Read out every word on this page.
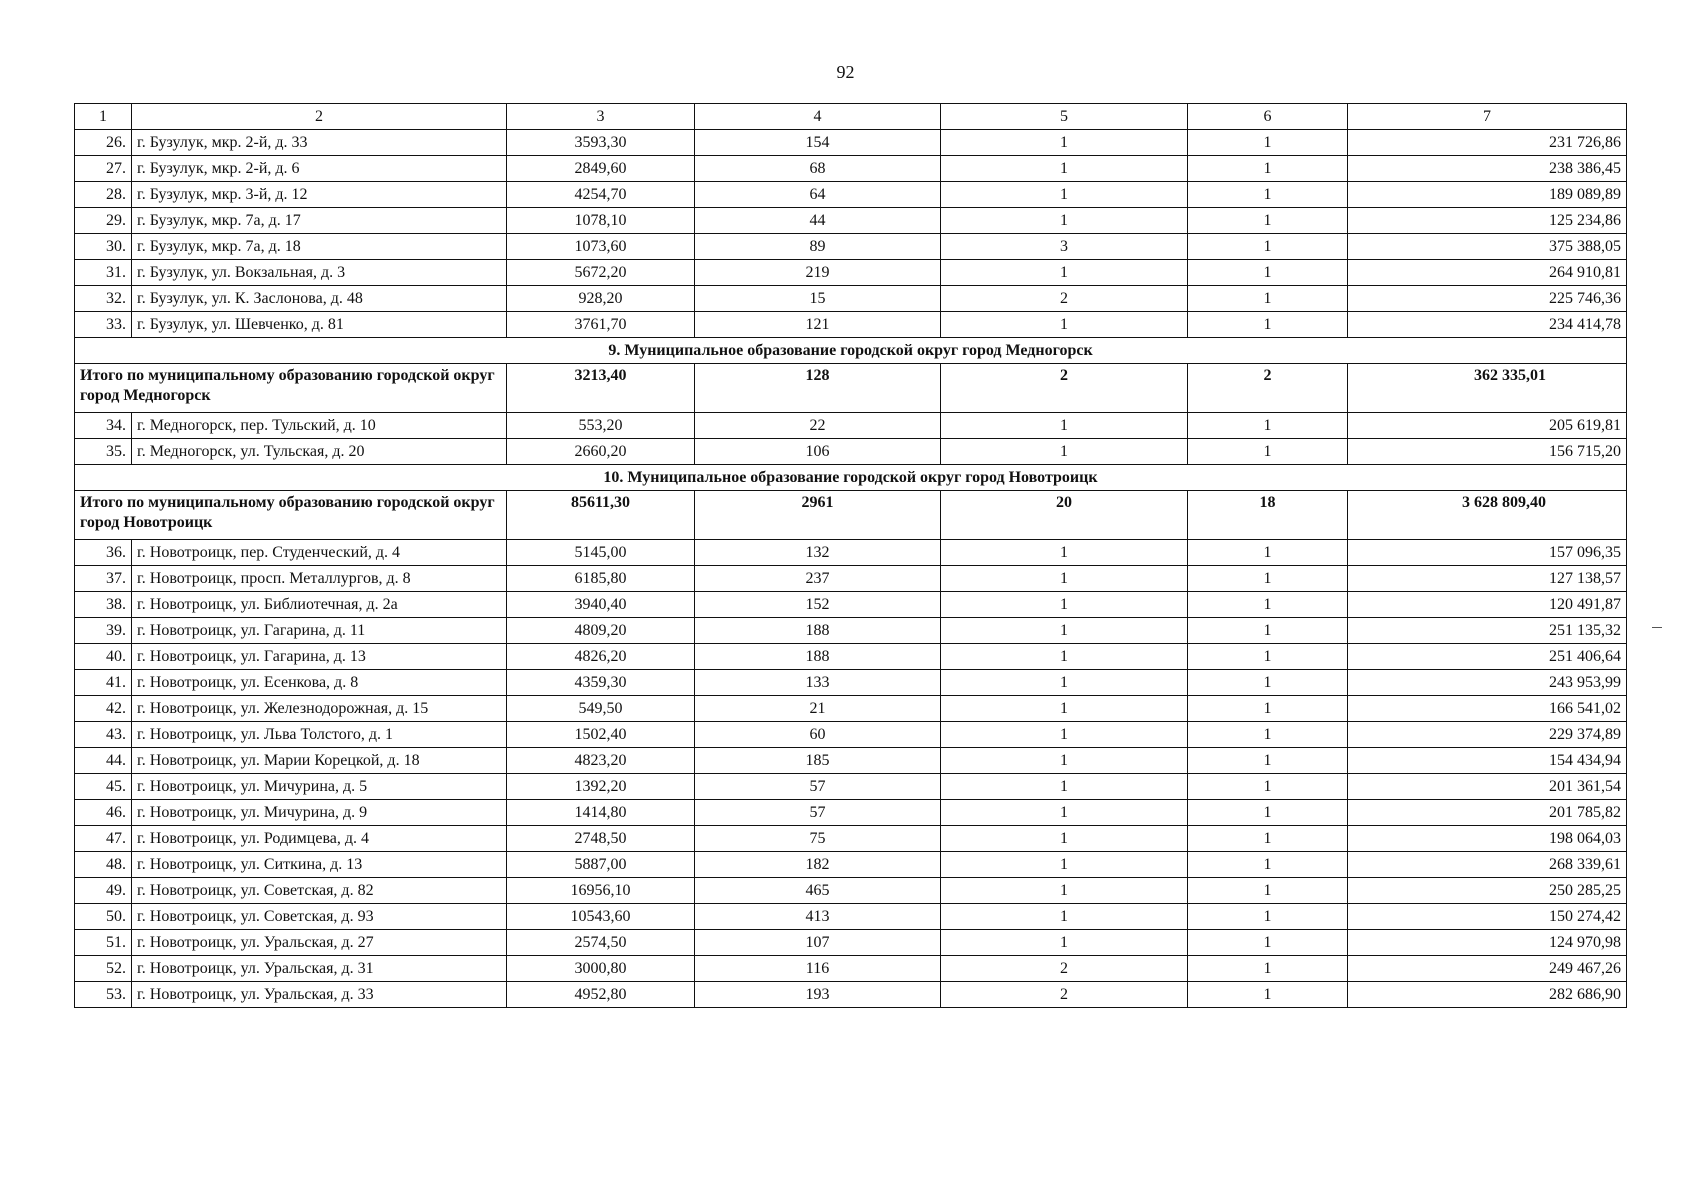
92
1	2	3	4	5	6	7
26.	г. Бузулук, мкр. 2-й, д. 33	3593,30	154	1	1	231 726,86
27.	г. Бузулук, мкр. 2-й, д. 6	2849,60	68	1	1	238 386,45
28.	г. Бузулук, мкр. 3-й, д. 12	4254,70	64	1	1	189 089,89
29.	г. Бузулук, мкр. 7а, д. 17	1078,10	44	1	1	125 234,86
30.	г. Бузулук, мкр. 7а, д. 18	1073,60	89	3	1	375 388,05
31.	г. Бузулук, ул. Вокзальная, д. 3	5672,20	219	1	1	264 910,81
32.	г. Бузулук, ул. К. Заслонова, д. 48	928,20	15	2	1	225 746,36
33.	г. Бузулук, ул. Шевченко, д. 81	3761,70	121	1	1	234 414,78
9. Муниципальное образование городской округ город Медногорск						
Итого по муниципальному образованию городской округ город Медногорск		3213,40	128	2	2	362 335,01
34.	г. Медногорск, пер. Тульский, д. 10	553,20	22	1	1	205 619,81
35.	г. Медногорск, ул. Тульская, д. 20	2660,20	106	1	1	156 715,20
10. Муниципальное образование городской округ город Новотроицк						
Итого по муниципальному образованию городской округ город Новотроицк		85611,30	2961	20	18	3 628 809,40
36.	г. Новотроицк, пер. Студенческий, д. 4	5145,00	132	1	1	157 096,35
37.	г. Новотроицк, просп. Металлургов, д. 8	6185,80	237	1	1	127 138,57
38.	г. Новотроицк, ул. Библиотечная, д. 2а	3940,40	152	1	1	120 491,87
39.	г. Новотроицк, ул. Гагарина, д. 11	4809,20	188	1	1	251 135,32
40.	г. Новотроицк, ул. Гагарина, д. 13	4826,20	188	1	1	251 406,64
41.	г. Новотроицк, ул. Есенкова, д. 8	4359,30	133	1	1	243 953,99
42.	г. Новотроицк, ул. Железнодорожная, д. 15	549,50	21	1	1	166 541,02
43.	г. Новотроицк, ул. Льва Толстого, д. 1	1502,40	60	1	1	229 374,89
44.	г. Новотроицк, ул. Марии Корецкой, д. 18	4823,20	185	1	1	154 434,94
45.	г. Новотроицк, ул. Мичурина, д. 5	1392,20	57	1	1	201 361,54
46.	г. Новотроицк, ул. Мичурина, д. 9	1414,80	57	1	1	201 785,82
47.	г. Новотроицк, ул. Родимцева, д. 4	2748,50	75	1	1	198 064,03
48.	г. Новотроицк, ул. Ситкина, д. 13	5887,00	182	1	1	268 339,61
49.	г. Новотроицк, ул. Советская, д. 82	16956,10	465	1	1	250 285,25
50.	г. Новотроицк, ул. Советская, д. 93	10543,60	413	1	1	150 274,42
51.	г. Новотроицк, ул. Уральская, д. 27	2574,50	107	1	1	124 970,98
52.	г. Новотроицк, ул. Уральская, д. 31	3000,80	116	2	1	249 467,26
53.	г. Новотроицк, ул. Уральская, д. 33	4952,80	193	2	1	282 686,90
